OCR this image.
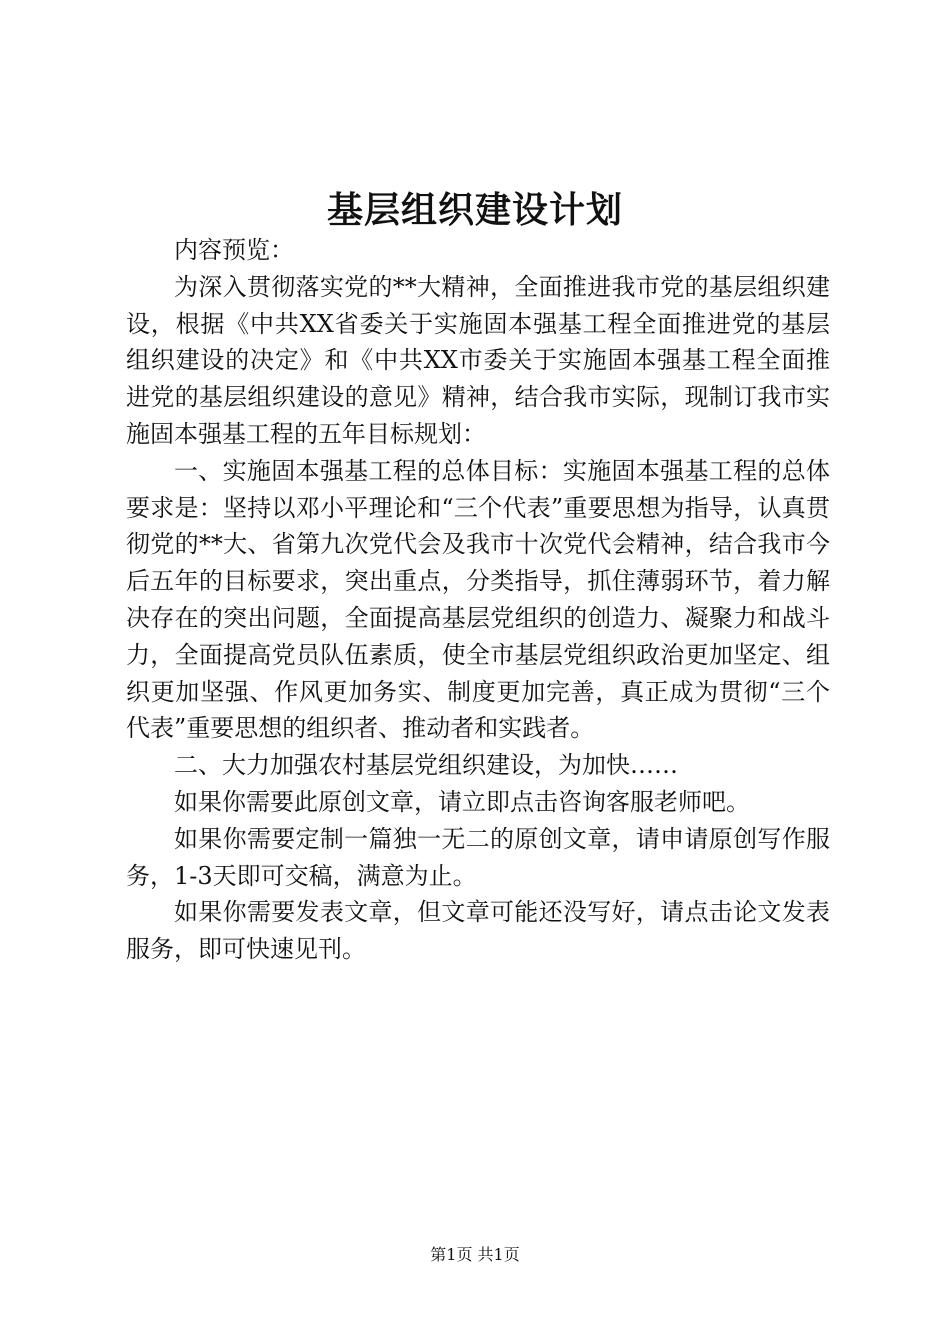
基层组织建设计划

内容预览：

为深入贯彻落实党的**大精神，全面推进我市党的基层组织建设，根据《中共XX省委关于实施固本强基工程全面推进党的基层组织建设的决定》和《中共XX市委关于实施固本强基工程全面推进党的基层组织建设的意见》精神，结合我市实际，现制订我市实施固本强基工程的五年目标规划：

一、实施固本强基工程的总体目标：实施固本强基工程的总体要求是：坚持以邓小平理论和“三个代表”重要思想为指导，认真贯彻党的**大、省第九次党代会及我市十次党代会精神，结合我市今后五年的目标要求，突出重点，分类指导，抓住薄弱环节，着力解决存在的突出问题，全面提高基层党组织的创造力、凝聚力和战斗力，全面提高党员队伍素质，使全市基层党组织政治更加坚定、组织更加坚强、作风更加务实、制度更加完善，真正成为贯彻“三个代表”重要思想的组织者、推动者和实践者。

二、大力加强农村基层党组织建设，为加快……

如果你需要此原创文章，请立即点击咨询客服老师吧。

如果你需要定制一篇独一无二的原创文章，请申请原创写作服务，1-3天即可交稿，满意为止。

如果你需要发表文章，但文章可能还没写好，请点击论文发表服务，即可快速见刊。

第1页 共1页
